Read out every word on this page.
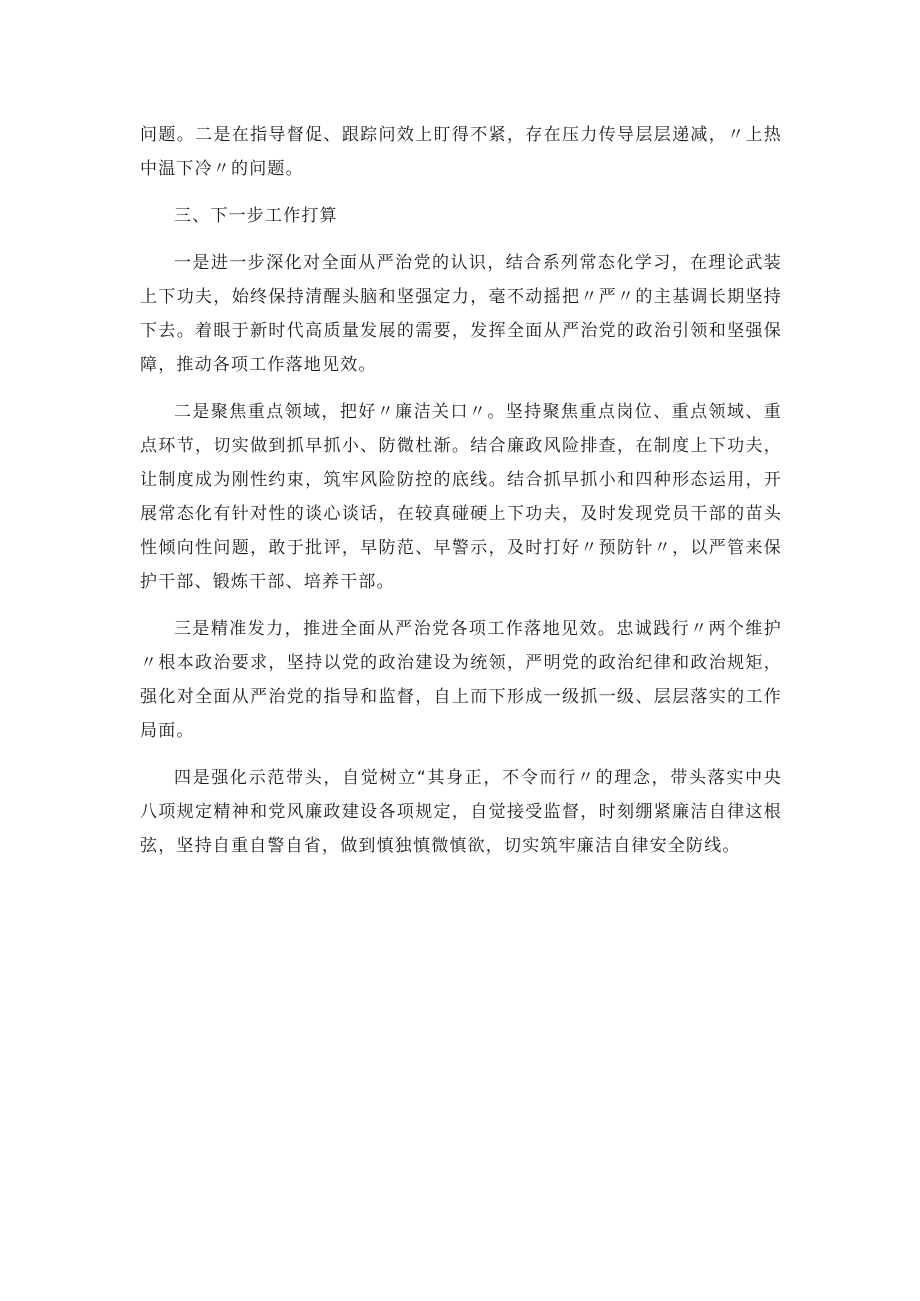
问题。二是在指导督促、跟踪问效上盯得不紧，存在压力传导层层递减，〃上热中温下冷〃的问题。

三、下一步工作打算

一是进一步深化对全面从严治党的认识，结合系列常态化学习，在理论武装上下功夫，始终保持清醒头脑和坚强定力，毫不动摇把〃严〃的主基调长期坚持下去。着眼于新时代高质量发展的需要，发挥全面从严治党的政治引领和坚强保障，推动各项工作落地见效。

二是聚焦重点领域，把好〃廉洁关口〃。坚持聚焦重点岗位、重点领域、重点环节，切实做到抓早抓小、防微杜渐。结合廉政风险排查，在制度上下功夫，让制度成为刚性约束，筑牢风险防控的底线。结合抓早抓小和四种形态运用，开展常态化有针对性的谈心谈话，在较真碰硬上下功夫，及时发现党员干部的苗头性倾向性问题，敢于批评，早防范、早警示，及时打好〃预防针〃，以严管来保护干部、锻炼干部、培养干部。

三是精准发力，推进全面从严治党各项工作落地见效。忠诚践行〃两个维护〃根本政治要求，坚持以党的政治建设为统领，严明党的政治纪律和政治规矩，强化对全面从严治党的指导和监督，自上而下形成一级抓一级、层层落实的工作局面。

四是强化示范带头，自觉树立“其身正，不令而行〃的理念，带头落实中央八项规定精神和党风廉政建设各项规定，自觉接受监督，时刻绷紧廉洁自律这根弦，坚持自重自警自省，做到慎独慎微慎欲，切实筑牢廉洁自律安全防线。
